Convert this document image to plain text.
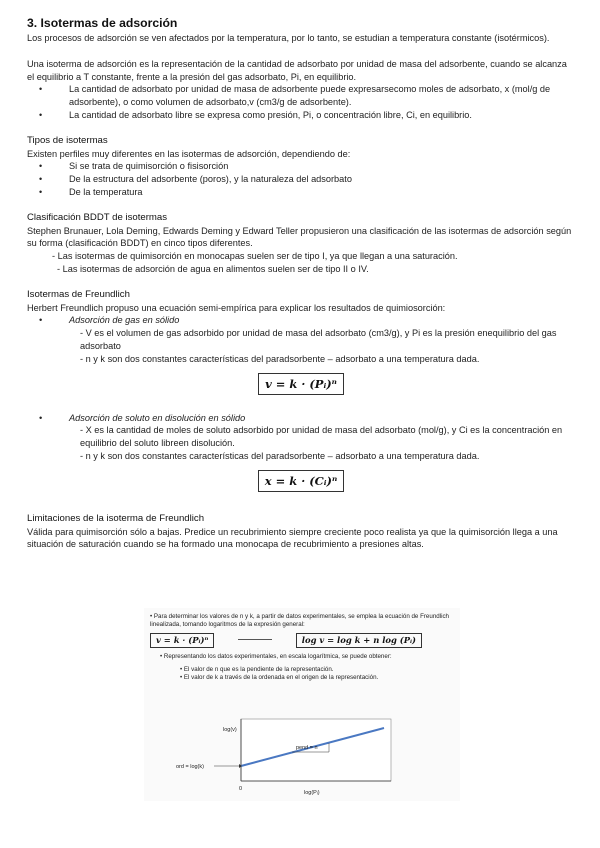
3. Isotermas de adsorción

Los procesos de adsorción se ven afectados por la temperatura, por lo tanto, se estudian a temperatura constante (isotérmicos).

Una isoterma de adsorción es la representación de la cantidad de adsorbato por unidad de masa del adsorbente, cuando se alcanza el equilibrio a T constante, frente a la presión del gas adsorbato, Pi, en equilibrio.

• La cantidad de adsorbato por unidad de masa de adsorbente puede expresarsecomo moles de adsorbato, x (mol/g de adsorbente), o como volumen de adsorbato,v (cm3/g de adsorbente).
• La cantidad de adsorbato libre se expresa como presión, Pi, o concentración libre, Ci, en equilibrio.
Tipos de isotermas

Existen perfiles muy diferentes en las isotermas de adsorción, dependiendo de:

• Si se trata de quimisorción o fisisorción
• De la estructura del adsorbente (poros), y la naturaleza del adsorbato
• De la temperatura
Clasificación BDDT de isotermas

Stephen Brunauer, Lola Deming, Edwards Deming y Edward Teller propusieron una clasificación de las isotermas de adsorción según su forma (clasificación BDDT) en cinco tipos diferentes.

- Las isotermas de quimisorción en monocapas suelen ser de tipo I, ya que llegan a una saturación.

- Las isotermas de adsorción de agua en alimentos suelen ser de tipo II o IV.

Isotermas de Freundlich

Herbert Freundlich propuso una ecuación semi-empírica para explicar los resultados de quimiosorción:

• Adsorción de gas en sólido

- V es el volumen de gas adsorbido por unidad de masa del adsorbato (cm3/g), y Pi es la presión enequilibrio del gas adsorbato

- n y k son dos constantes características del paradsorbente – adsorbato a una temperatura dada.

v = k · (Pᵢ)ⁿ
• Adsorción de soluto en disolución en sólido

- X es la cantidad de moles de soluto adsorbido por unidad de masa del adsorbato (mol/g), y Ci es la concentración en equilibrio del soluto libreen disolución.

- n y k son dos constantes características del paradsorbente – adsorbato a una temperatura dada.

x = k · (Cᵢ)ⁿ
Limitaciones de la isoterma de Freundlich

Válida para quimisorción sólo a bajas. Predice un recubrimiento siempre creciente poco realista ya que la quimisorción llega a una situación de saturación cuando se ha formado una monocapa de recubrimiento a presiones altas.

• Para determinar los valores de n y k, a partir de datos experimentales, se emplea la ecuación de Freundlich linealizada, tomando logaritmos de la expresión general:

v = k · (Pᵢ)ⁿ	log v = log k + n log (Pᵢ)

• Representando los datos experimentales, en escala logarítmica, se puede obtener:

• El valor de n que es la pendiente de la representación.

• El valor de k a través de la ordenada en el origen de la representación.

log(v)
log(Pᵢ)
0
pend = n
ord = log(k)
